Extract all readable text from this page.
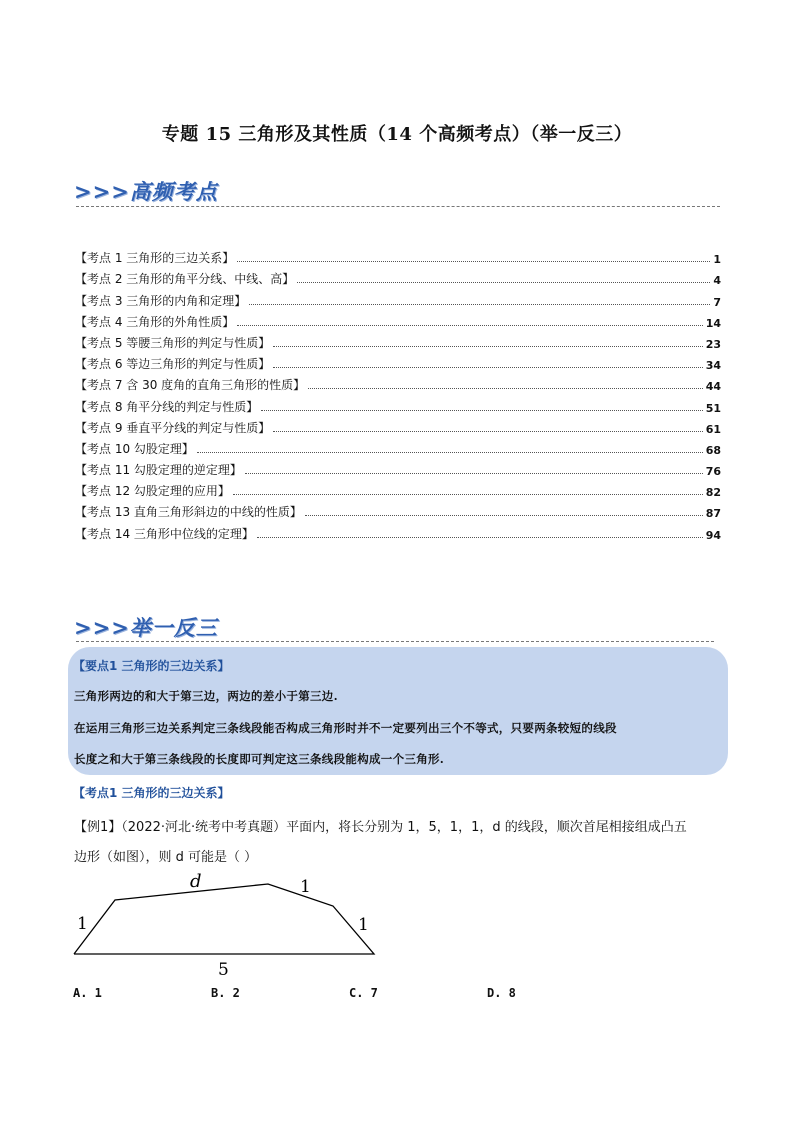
专题 15 三角形及其性质（14 个高频考点）（举一反三）
>>>高频考点
【考点 1 三角形的三边关系】	1
【考点 2 三角形的角平分线、中线、高】	4
【考点 3 三角形的内角和定理】	7
【考点 4 三角形的外角性质】	14
【考点 5 等腰三角形的判定与性质】	23
【考点 6 等边三角形的判定与性质】	34
【考点 7 含 30 度角的直角三角形的性质】	44
【考点 8 角平分线的判定与性质】	51
【考点 9 垂直平分线的判定与性质】	61
【考点 10 勾股定理】	68
【考点 11 勾股定理的逆定理】	76
【考点 12 勾股定理的应用】	82
【考点 13 直角三角形斜边的中线的性质】	87
【考点 14 三角形中位线的定理】	94
>>>举一反三
【要点1 三角形的三边关系】
三角形两边的和大于第三边，两边的差小于第三边.
在运用三角形三边关系判定三条线段能否构成三角形时并不一定要列出三个不等式，只要两条较短的线段
长度之和大于第三条线段的长度即可判定这三条线段能构成一个三角形.
【考点1 三角形的三边关系】
【例1】（2022·河北·统考中考真题）平面内，将长分别为 1，5，1，1，d 的线段，顺次首尾相接组成凸五
边形（如图），则 d 可能是（ ）
d	1
1	1
5
A. 1	B. 2	C. 7	D. 8
